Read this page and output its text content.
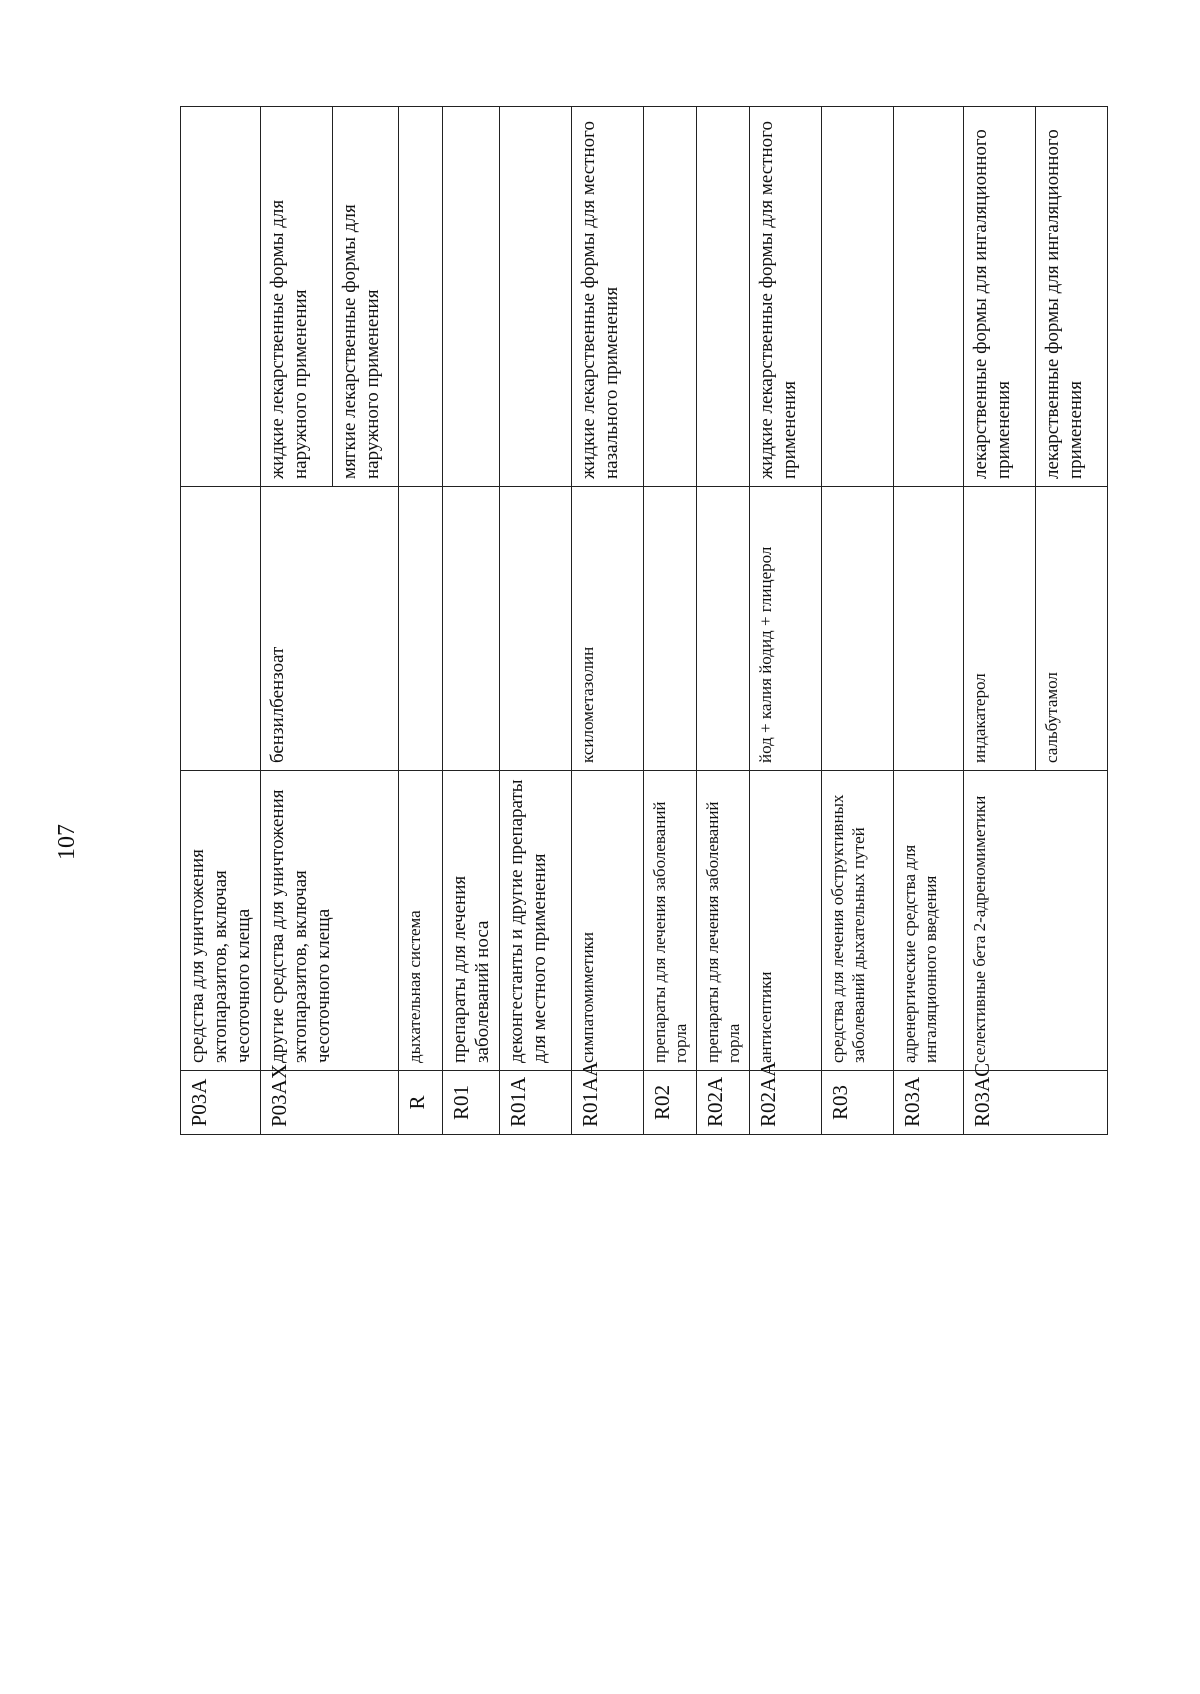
107
P03A	средства для уничтожения эктопаразитов, включая чесоточного клеща		
P03AX	другие средства для уничтожения эктопаразитов, включая чесоточного клеща	бензилбензоат	жидкие лекарственные формы для наружного применения
			мягкие лекарственные формы для наружного применения
R	дыхательная система		
R01	препараты для лечения заболеваний носа		
R01A	деконгестанты и другие препараты для местного применения		
R01AA	симпатомиметики	ксилометазолин	жидкие лекарственные формы для местного назального применения
R02	препараты для лечения заболеваний горла		
R02A	препараты для лечения заболеваний горла		
R02AA	антисептики	йод + калия йодид + глицерол	жидкие лекарственные формы для местного применения
R03	средства для лечения обструктивных заболеваний дыхательных путей		
R03A	адренергические средства для ингаляционного введения		
R03AC	селективные бета 2-адреномиметики	индакатерол	лекарственные формы для ингаляционного применения
		сальбутамол	лекарственные формы для ингаляционного применения
